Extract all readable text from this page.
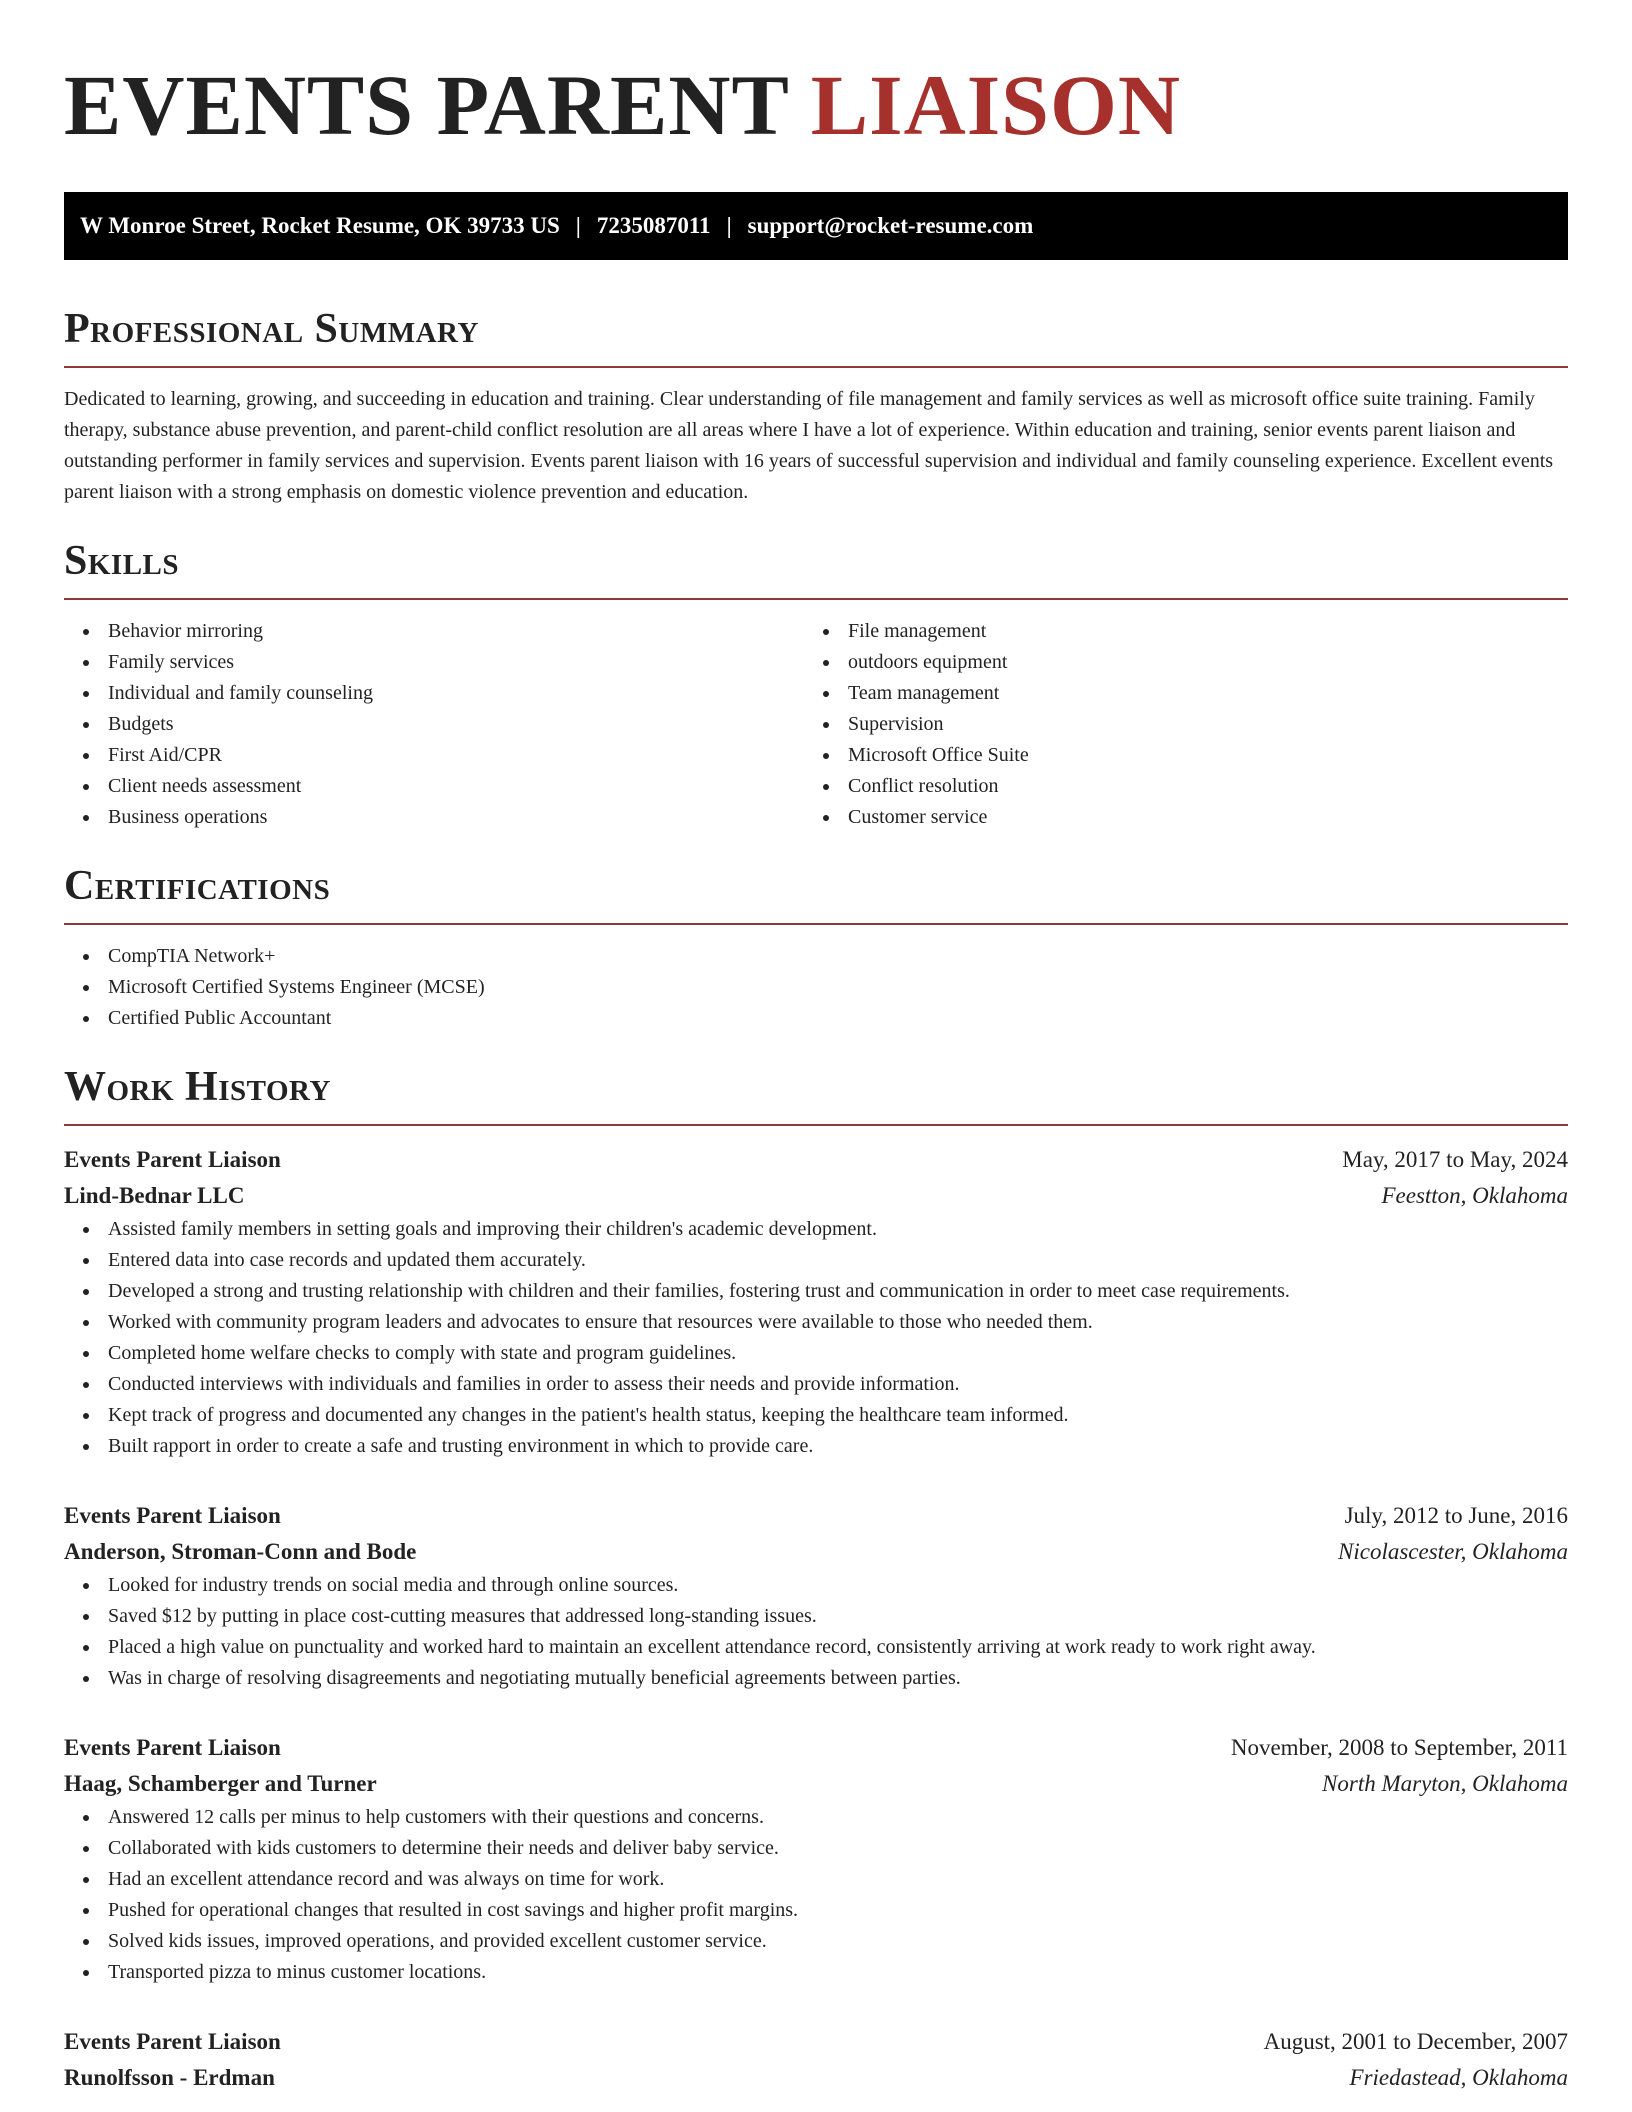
EVENTS PARENT LIAISON
W Monroe Street, Rocket Resume, OK 39733 US | 7235087011 | support@rocket-resume.com
Professional Summary

Dedicated to learning, growing, and succeeding in education and training. Clear understanding of file management and family services as well as microsoft office suite training. Family therapy, substance abuse prevention, and parent-child conflict resolution are all areas where I have a lot of experience. Within education and training, senior events parent liaison and outstanding performer in family services and supervision. Events parent liaison with 16 years of successful supervision and individual and family counseling experience. Excellent events parent liaison with a strong emphasis on domestic violence prevention and education.

Skills
Behavior mirroring
Family services
Individual and family counseling
Budgets
First Aid/CPR
Client needs assessment
Business operations
File management
outdoors equipment
Team management
Supervision
Microsoft Office Suite
Conflict resolution
Customer service
Certifications
CompTIA Network+
Microsoft Certified Systems Engineer (MCSE)
Certified Public Accountant
Work History
Events Parent Liaison	May, 2017 to May, 2024
Lind-Bednar LLC	Feestton, Oklahoma
Assisted family members in setting goals and improving their children's academic development.
Entered data into case records and updated them accurately.
Developed a strong and trusting relationship with children and their families, fostering trust and communication in order to meet case requirements.
Worked with community program leaders and advocates to ensure that resources were available to those who needed them.
Completed home welfare checks to comply with state and program guidelines.
Conducted interviews with individuals and families in order to assess their needs and provide information.
Kept track of progress and documented any changes in the patient's health status, keeping the healthcare team informed.
Built rapport in order to create a safe and trusting environment in which to provide care.
Events Parent Liaison	July, 2012 to June, 2016
Anderson, Stroman-Conn and Bode	Nicolascester, Oklahoma
Looked for industry trends on social media and through online sources.
Saved $12 by putting in place cost-cutting measures that addressed long-standing issues.
Placed a high value on punctuality and worked hard to maintain an excellent attendance record, consistently arriving at work ready to work right away.
Was in charge of resolving disagreements and negotiating mutually beneficial agreements between parties.
Events Parent Liaison	November, 2008 to September, 2011
Haag, Schamberger and Turner	North Maryton, Oklahoma
Answered 12 calls per minus to help customers with their questions and concerns.
Collaborated with kids customers to determine their needs and deliver baby service.
Had an excellent attendance record and was always on time for work.
Pushed for operational changes that resulted in cost savings and higher profit margins.
Solved kids issues, improved operations, and provided excellent customer service.
Transported pizza to minus customer locations.
Events Parent Liaison	August, 2001 to December, 2007
Runolfsson - Erdman	Friedastead, Oklahoma
